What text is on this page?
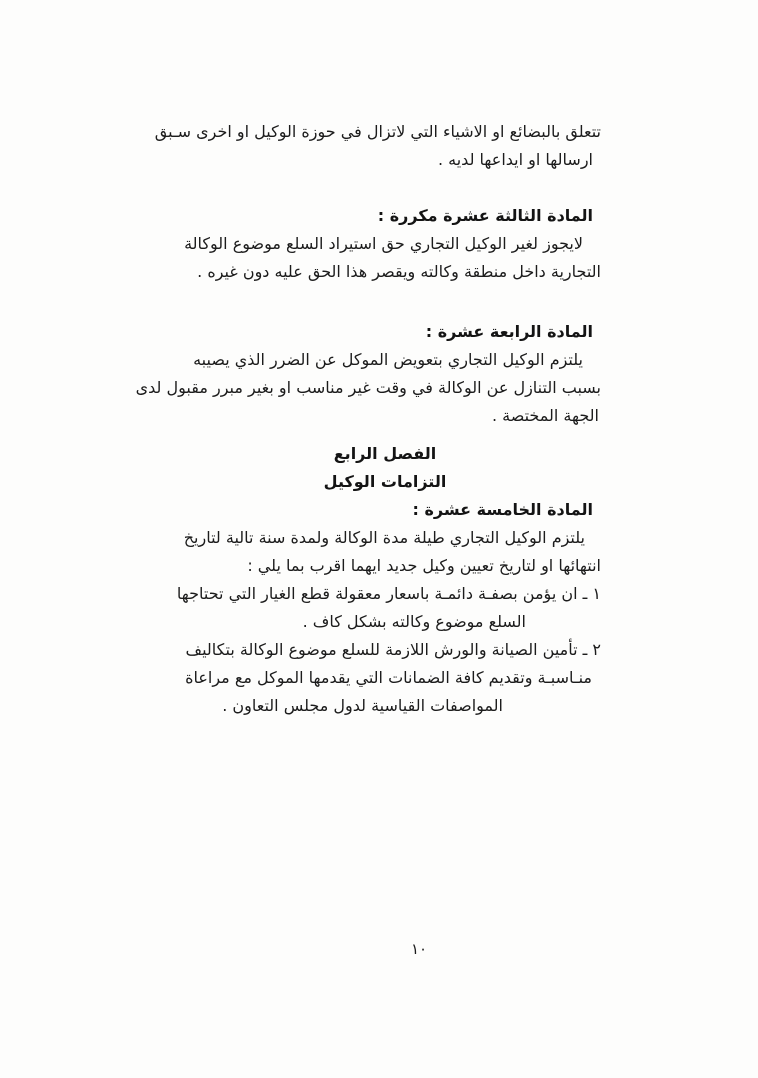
تتعلق بالبضائع او الاشياء التي لاتزال في حوزة الوكيل او اخرى سـبق
ارسالها او ايداعها لديه .
المادة الثالثة عشرة مكررة :
لايجوز لغير الوكيل التجاري حق استيراد السلع موضوع الوكالة
التجارية داخل منطقة وكالته ويقصر هذا الحق عليه دون غيره .
المادة الرابعة عشرة :
يلتزم الوكيل التجاري بتعويض الموكل عن الضرر الذي يصيبه
بسبب التنازل عن الوكالة في وقت غير مناسب او بغير مبرر مقبول لدى
الجهة المختصة .
الفصل الرابع
التزامات الوكيل
المادة الخامسة عشرة :
يلتزم الوكيل التجاري طيلة مدة الوكالة ولمدة سنة تالية لتاريخ
انتهائها او لتاريخ تعيين وكيل جديد ايهما اقرب بما يلي :
١ ـ ان يؤمن بصفـة دائمـة باسعار معقولة قطع الغيار التي تحتاجها
السلع موضوع وكالته بشكل كاف .
٢ ـ تأمين الصيانة والورش اللازمة للسلع موضوع الوكالة بتكاليف
منـاسبـة وتقديم كافة الضمانات التي يقدمها الموكل مع مراعاة
المواصفات القياسية لدول مجلس التعاون .
١٠
